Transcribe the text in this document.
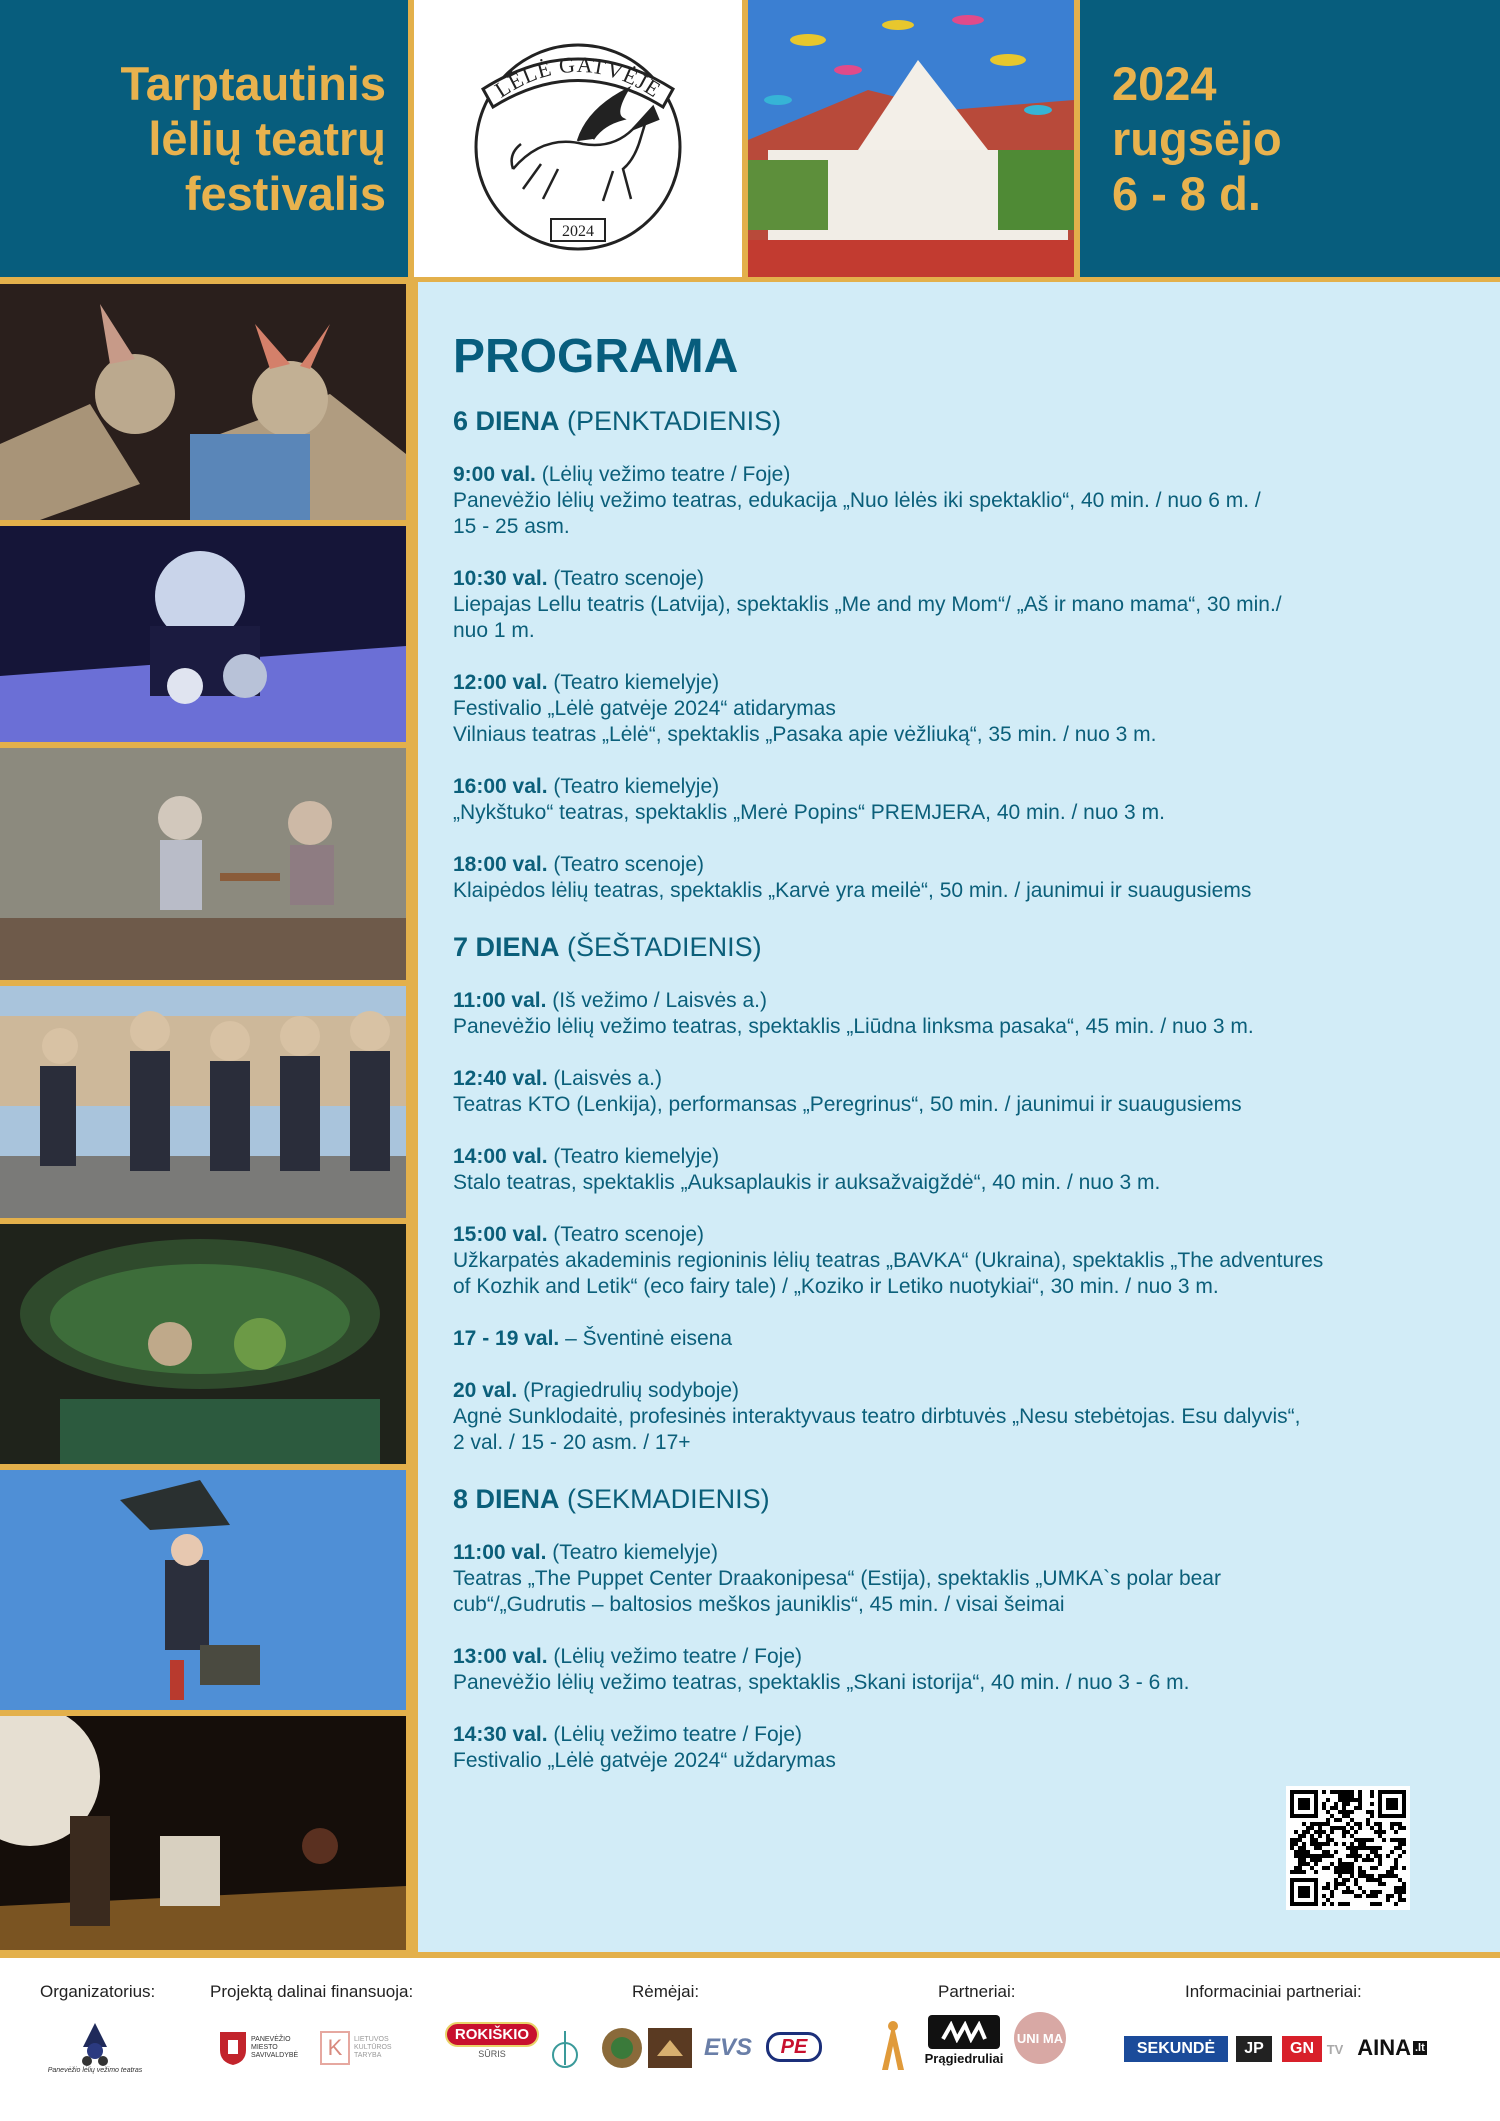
Tarptautinis
lėlių teatrų
festivalis
LĖLĖ GATVĖJE
2024
2024
rugsėjo
6 - 8 d.
PROGRAMA
6 DIENA (PENKTADIENIS)
9:00 val. (Lėlių vežimo teatre / Foje)
Panevėžio lėlių vežimo teatras, edukacija „Nuo lėlės iki spektaklio“, 40 min. / nuo 6 m. /
15 - 25 asm.
10:30 val. (Teatro scenoje)
Liepajas Lellu teatris (Latvija), spektaklis „Me and my Mom“/ „Aš ir mano mama“, 30 min./
nuo 1 m.
12:00 val. (Teatro kiemelyje)
Festivalio „Lėlė gatvėje 2024“ atidarymas
Vilniaus teatras „Lėlė“, spektaklis „Pasaka apie vėžliuką“, 35 min. / nuo 3 m.
16:00 val. (Teatro kiemelyje)
„Nykštuko“ teatras, spektaklis „Merė Popins“ PREMJERA, 40 min. / nuo 3 m.
18:00 val. (Teatro scenoje)
Klaipėdos lėlių teatras, spektaklis „Karvė yra meilė“, 50 min. / jaunimui ir suaugusiems
7 DIENA (ŠEŠTADIENIS)
11:00 val. (Iš vežimo / Laisvės a.)
Panevėžio lėlių vežimo teatras, spektaklis „Liūdna linksma pasaka“, 45 min. / nuo 3 m.
12:40 val. (Laisvės a.)
Teatras KTO (Lenkija), performansas „Peregrinus“, 50 min. / jaunimui ir suaugusiems
14:00 val. (Teatro kiemelyje)
Stalo teatras, spektaklis „Auksaplaukis ir auksažvaigždė“, 40 min. / nuo 3 m.
15:00 val. (Teatro scenoje)
Užkarpatės akademinis regioninis lėlių teatras „BAVKA“ (Ukraina), spektaklis „The adventures
of Kozhik and Letik“ (eco fairy tale) / „Koziko ir Letiko nuotykiai“, 30 min. / nuo 3 m.
17 - 19 val. – Šventinė eisena
20 val. (Pragiedrulių sodyboje)
Agnė Sunklodaitė, profesinės interaktyvaus teatro dirbtuvės „Nesu stebėtojas. Esu dalyvis“,
2 val. / 15 - 20 asm. / 17+
8 DIENA (SEKMADIENIS)
11:00 val. (Teatro kiemelyje)
Teatras „The Puppet Center Draakonipesa“ (Estija), spektaklis „UMKA`s polar bear
cub“/„Gudrutis – baltosios meškos jauniklis“, 45 min. / visai šeimai
13:00 val. (Lėlių vežimo teatre / Foje)
Panevėžio lėlių vežimo teatras, spektaklis „Skani istorija“, 40 min. / nuo 3 - 6 m.
14:30 val. (Lėlių vežimo teatre / Foje)
Festivalio „Lėlė gatvėje 2024“ uždarymas
Organizatorius:	Projektą dalinai finansuoja:	Rėmėjai:	Partneriai:	Informaciniai partneriai:
Panevėžio lėlių vežimo teatras
PANEVĖŽIO
MIESTO
SAVIVALDYBĖ	K	LIETUVOS
KULTŪROS
TARYBA
ROKIŠKIO
SŪRIS	EVS	PE
Prągiedruliai
UNI MA
SEKUNDĖ	JP	GN TV AINA .lt
